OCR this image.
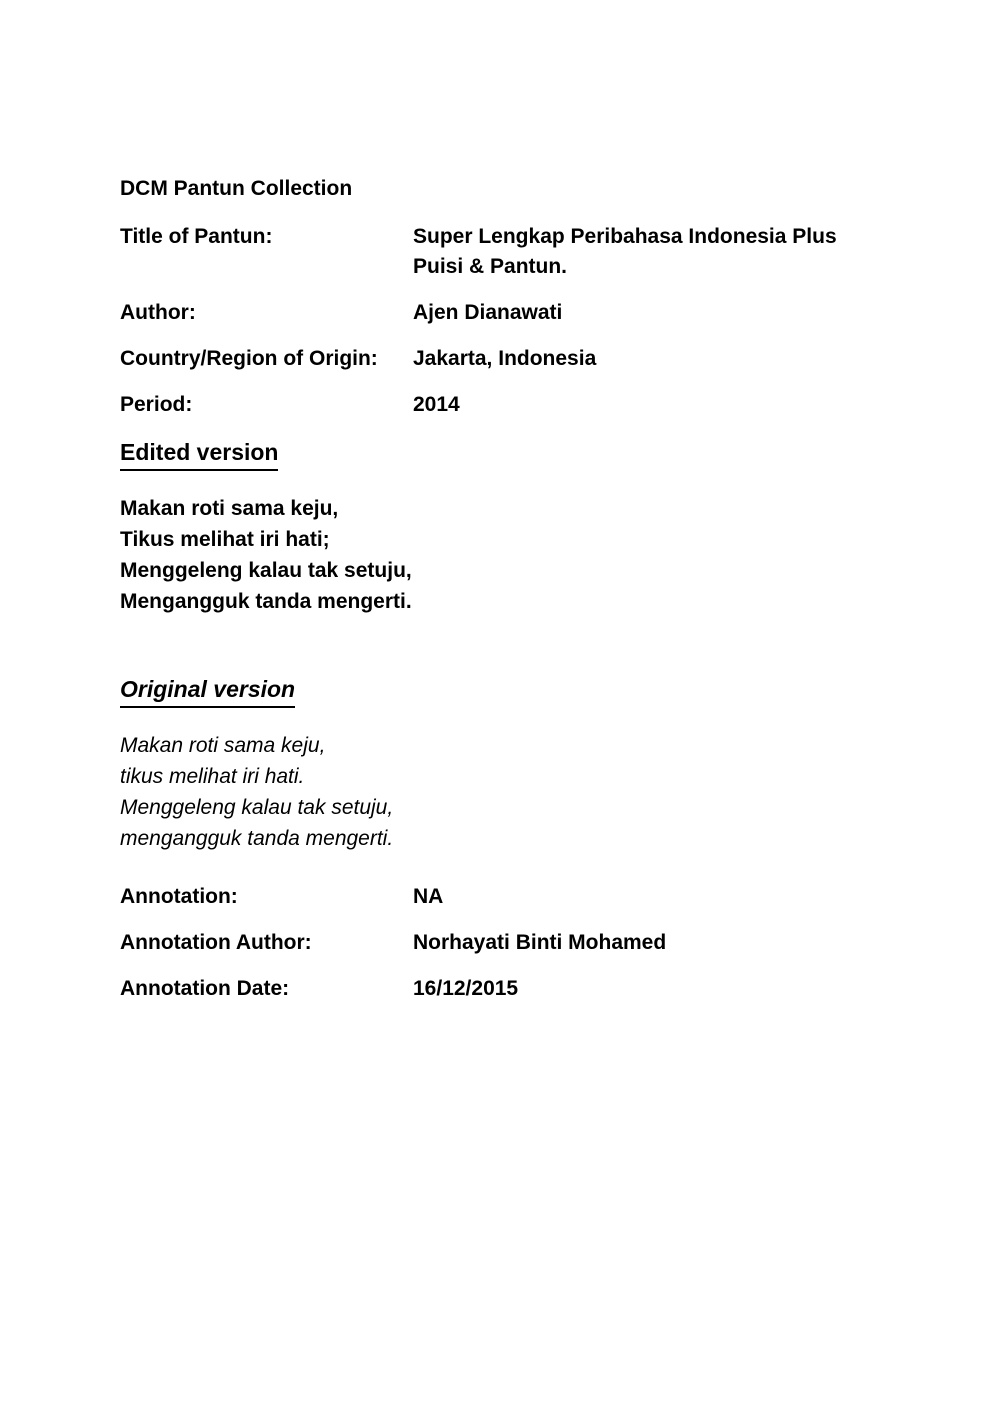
DCM Pantun Collection
Title of Pantun:	Super Lengkap Peribahasa Indonesia Plus Puisi & Pantun.
Author:	Ajen Dianawati
Country/Region of Origin:	Jakarta, Indonesia
Period:	2014
Edited version
Makan roti sama keju,
Tikus melihat iri hati;
Menggeleng kalau tak setuju,
Mengangguk tanda mengerti.
Original version
Makan roti sama keju,
tikus melihat iri hati.
Menggeleng kalau tak setuju,
mengangguk tanda mengerti.
Annotation:	NA
Annotation Author:	Norhayati Binti Mohamed
Annotation Date:	16/12/2015
